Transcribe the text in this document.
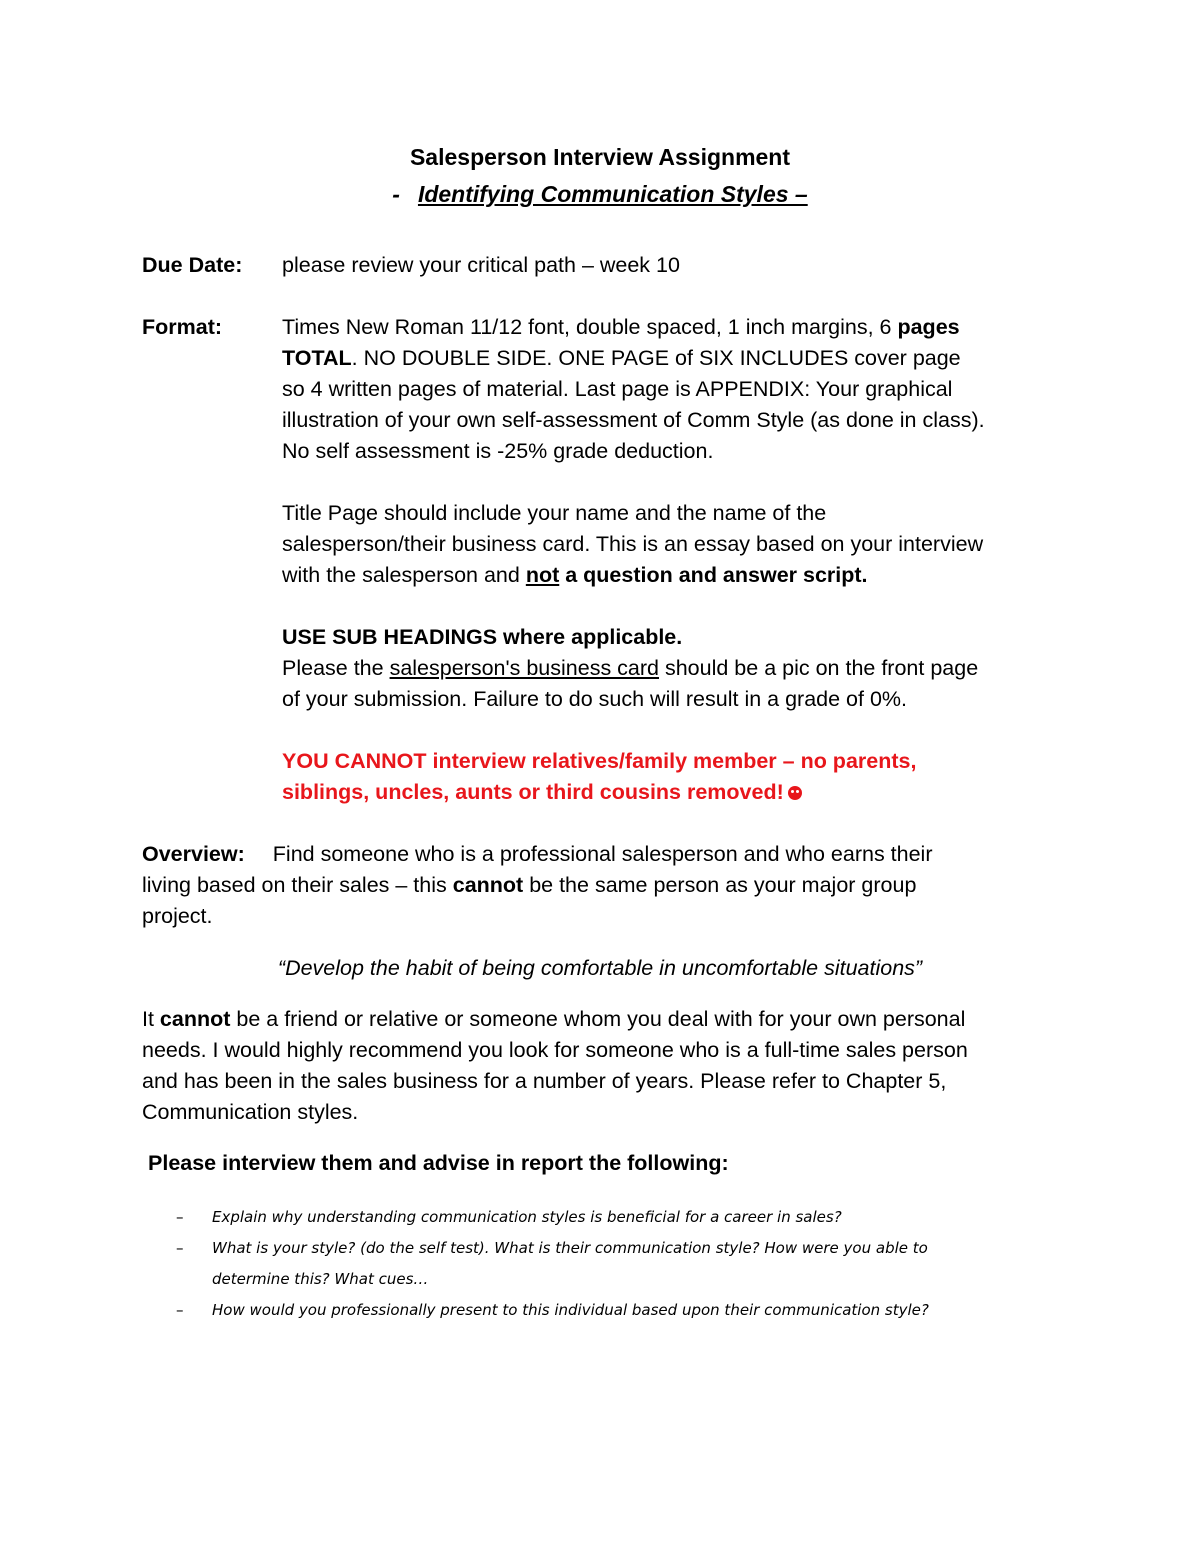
Salesperson Interview Assignment
- Identifying Communication Styles –
Due Date: please review your critical path – week 10
Format:	Times New Roman 11/12 font, double spaced, 1 inch margins, 6 pages
TOTAL. NO DOUBLE SIDE. ONE PAGE of SIX INCLUDES cover page
so 4 written pages of material. Last page is APPENDIX: Your graphical
illustration of your own self-assessment of Comm Style (as done in class).
No self assessment is -25% grade deduction.
Title Page should include your name and the name of the
salesperson/their business card. This is an essay based on your interview
with the salesperson and not a question and answer script.
USE SUB HEADINGS where applicable.
Please the salesperson's business card should be a pic on the front page
of your submission. Failure to do such will result in a grade of 0%.
YOU CANNOT interview relatives/family member – no parents,
siblings, uncles, aunts or third cousins removed!
Overview: Find someone who is a professional salesperson and who earns their
living based on their sales – this cannot be the same person as your major group
project.
“Develop the habit of being comfortable in uncomfortable situations”
It cannot be a friend or relative or someone whom you deal with for your own personal
needs. I would highly recommend you look for someone who is a full-time sales person
and has been in the sales business for a number of years. Please refer to Chapter 5,
Communication styles.
Please interview them and advise in report the following:
– Explain why understanding communication styles is beneficial for a career in sales?
– What is your style? (do the self test). What is their communication style? How were you able to
determine this? What cues…
– How would you professionally present to this individual based upon their communication style?
